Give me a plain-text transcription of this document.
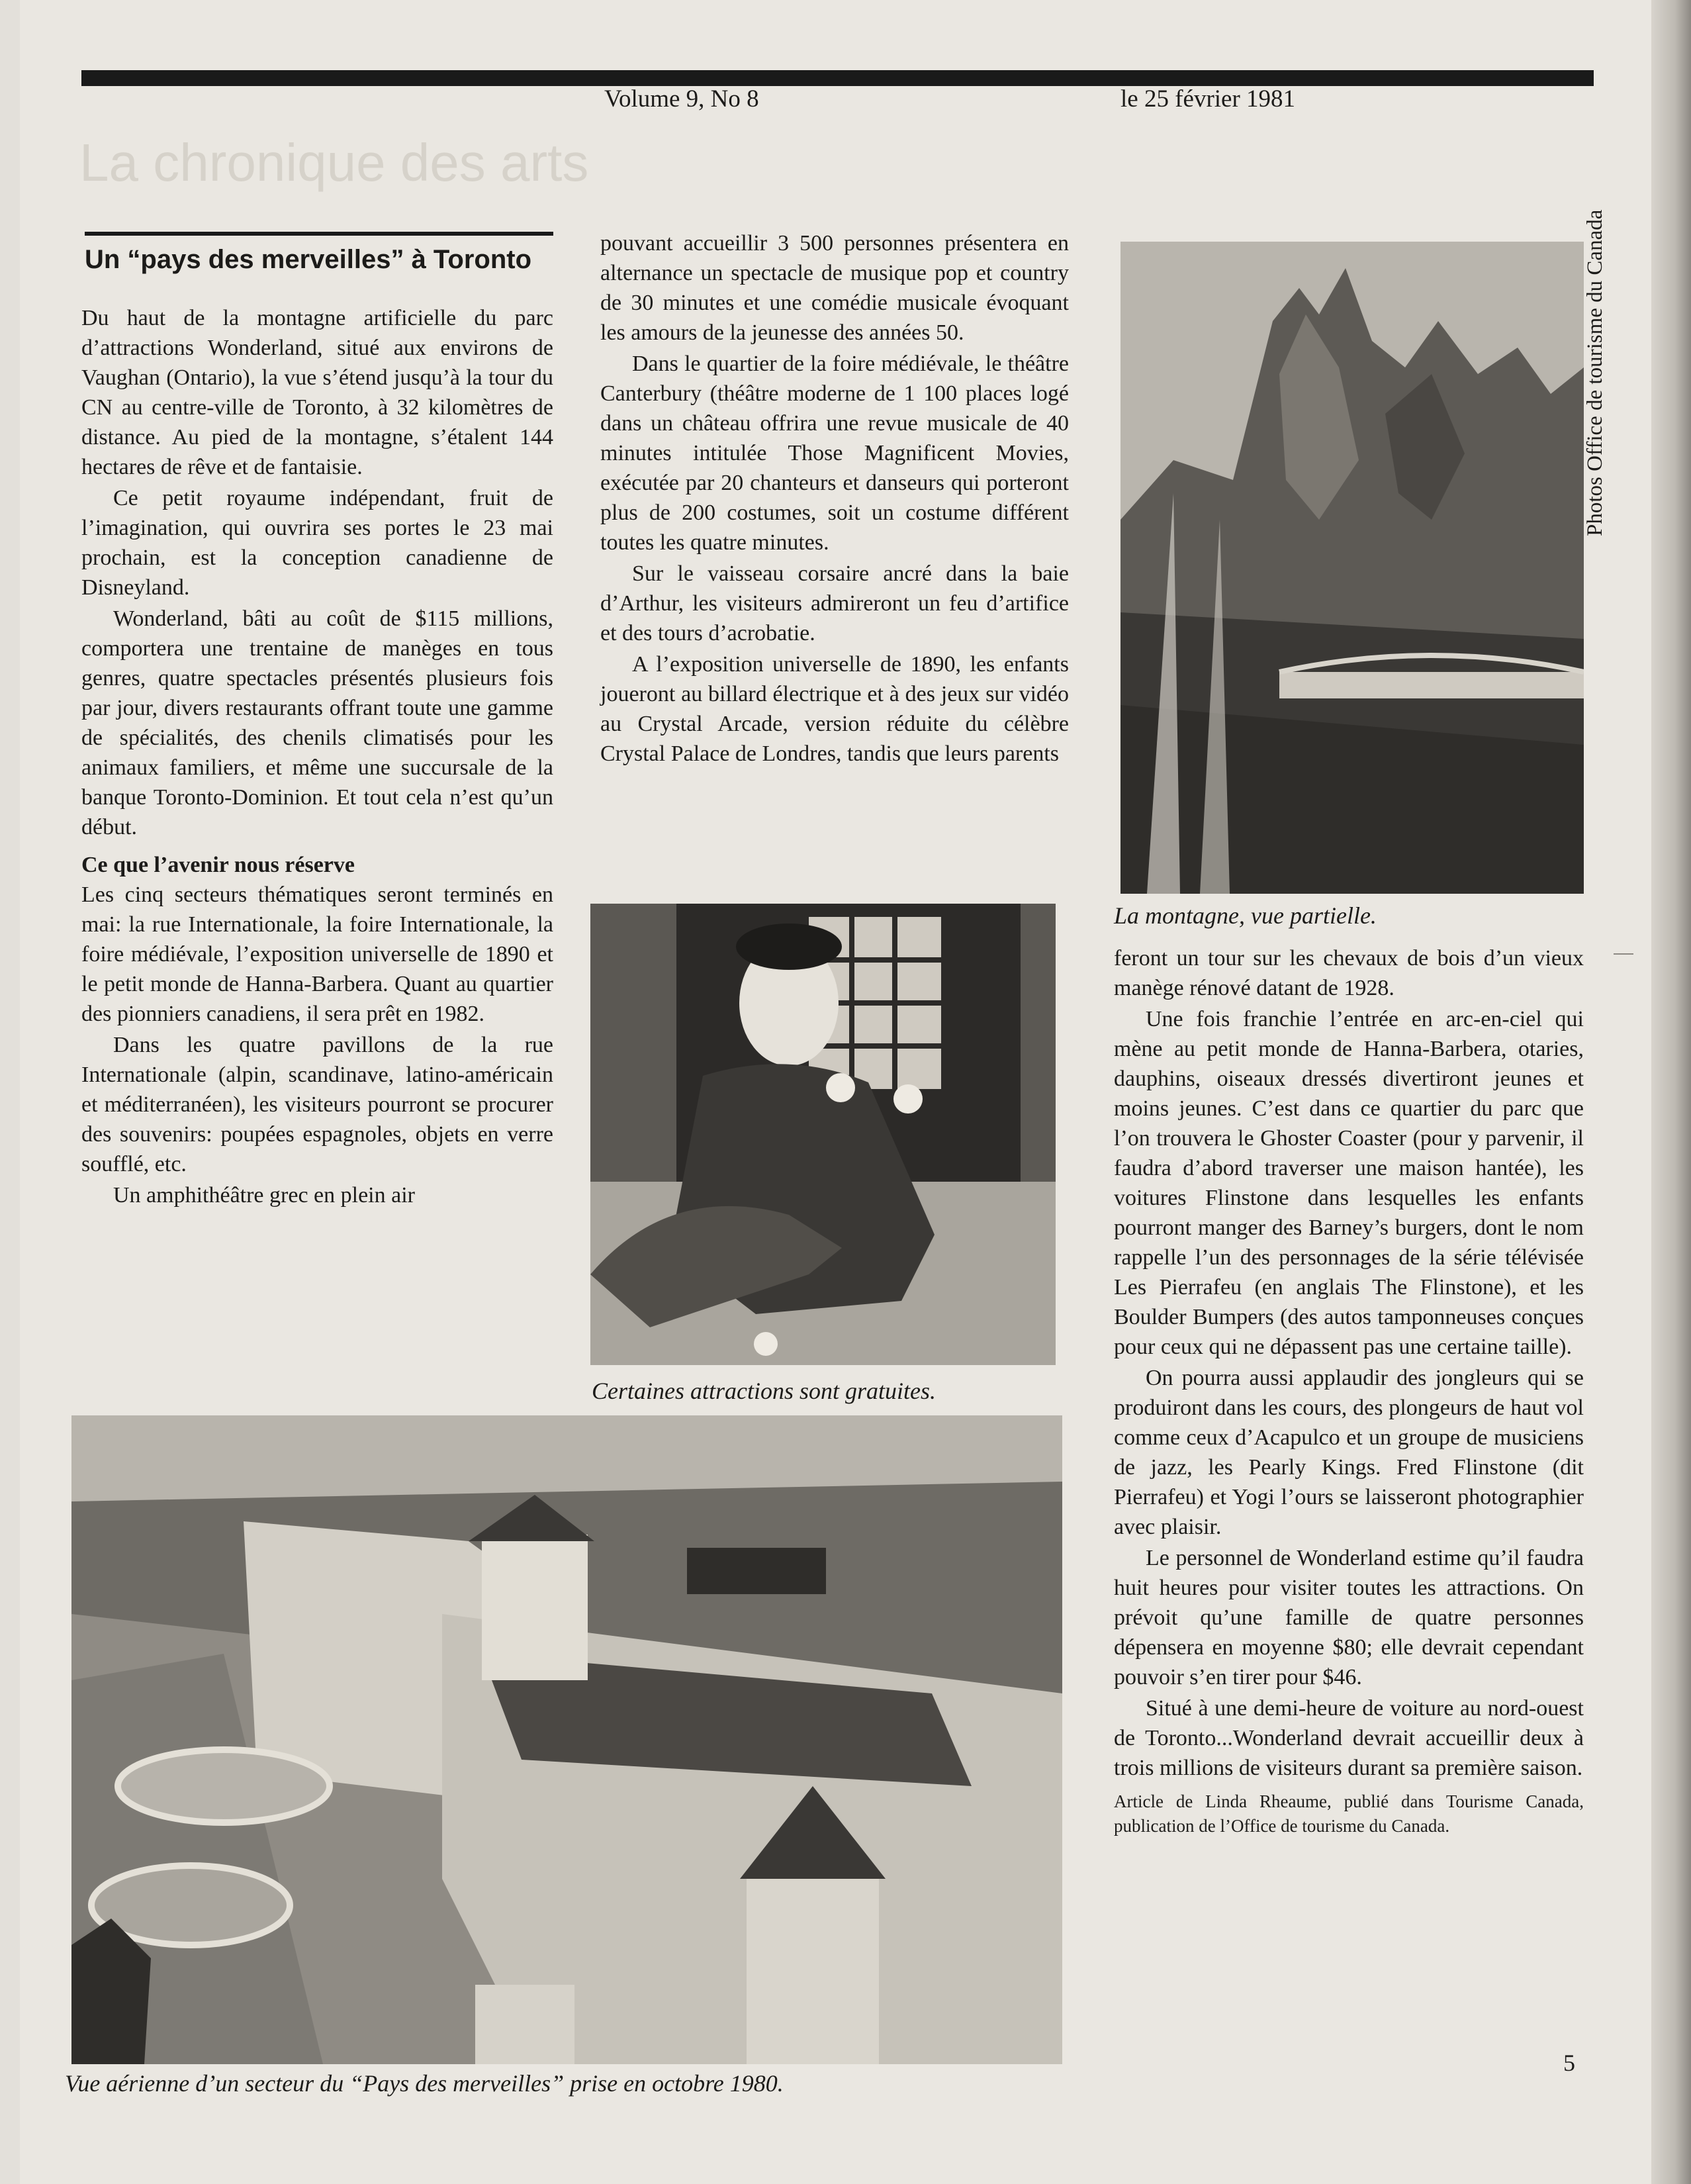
Volume 9, No 8	le 25 février 1981
La chronique des arts
Un “pays des merveilles” à Toronto

Du haut de la montagne artificielle du parc d’attractions Wonderland, situé aux environs de Vaughan (Ontario), la vue s’étend jusqu’à la tour du CN au centre-ville de Toronto, à 32 kilomètres de distance. Au pied de la montagne, s’étalent 144 hectares de rêve et de fantaisie.

Ce petit royaume indépendant, fruit de l’imagination, qui ouvrira ses portes le 23 mai prochain, est la conception canadienne de Disneyland.

Wonderland, bâti au coût de $115 millions, comportera une trentaine de manèges en tous genres, quatre spectacles présentés plusieurs fois par jour, divers restaurants offrant toute une gamme de spécialités, des chenils climatisés pour les animaux familiers, et même une succursale de la banque Toronto-Dominion. Et tout cela n’est qu’un début.

Ce que l’avenir nous réserve

Les cinq secteurs thématiques seront terminés en mai: la rue Internationale, la foire Internationale, la foire médiévale, l’exposition universelle de 1890 et le petit monde de Hanna-Barbera. Quant au quartier des pionniers canadiens, il sera prêt en 1982.

Dans les quatre pavillons de la rue Internationale (alpin, scandinave, latino-américain et méditerranéen), les visiteurs pourront se procurer des souvenirs: poupées espagnoles, objets en verre soufflé, etc.

Un amphithéâtre grec en plein air

pouvant accueillir 3 500 personnes présentera en alternance un spectacle de musique pop et country de 30 minutes et une comédie musicale évoquant les amours de la jeunesse des années 50.

Dans le quartier de la foire médiévale, le théâtre Canterbury (théâtre moderne de 1 100 places logé dans un château offrira une revue musicale de 40 minutes intitulée Those Magnificent Movies, exécutée par 20 chanteurs et danseurs qui porteront plus de 200 costumes, soit un costume différent toutes les quatre minutes.

Sur le vaisseau corsaire ancré dans la baie d’Arthur, les visiteurs admireront un feu d’artifice et des tours d’acrobatie.

A l’exposition universelle de 1890, les enfants joueront au billard électrique et à des jeux sur vidéo au Crystal Arcade, version réduite du célèbre Crystal Palace de Londres, tandis que leurs parents

La montagne, vue partielle.
Photos Office de tourisme du Canada
Certaines attractions sont gratuites.

feront un tour sur les chevaux de bois d’un vieux manège rénové datant de 1928.

Une fois franchie l’entrée en arc-en-ciel qui mène au petit monde de Hanna-Barbera, otaries, dauphins, oiseaux dressés divertiront jeunes et moins jeunes. C’est dans ce quartier du parc que l’on trouvera le Ghoster Coaster (pour y parvenir, il faudra d’abord traverser une maison hantée), les voitures Flinstone dans lesquelles les enfants pourront manger des Barney’s burgers, dont le nom rappelle l’un des personnages de la série télévisée Les Pierrafeu (en anglais The Flinstone), et les Boulder Bumpers (des autos tamponneuses conçues pour ceux qui ne dépassent pas une certaine taille).

On pourra aussi applaudir des jongleurs qui se produiront dans les cours, des plongeurs de haut vol comme ceux d’Acapulco et un groupe de musiciens de jazz, les Pearly Kings. Fred Flinstone (dit Pierrafeu) et Yogi l’ours se laisseront photographier avec plaisir.

Le personnel de Wonderland estime qu’il faudra huit heures pour visiter toutes les attractions. On prévoit qu’une famille de quatre personnes dépensera en moyenne $80; elle devrait cependant pouvoir s’en tirer pour $46.

Situé à une demi-heure de voiture au nord-ouest de Toronto...Wonderland devrait accueillir deux à trois millions de visiteurs durant sa première saison.

Article de Linda Rheaume, publié dans Tourisme Canada, publication de l’Office de tourisme du Canada.
Vue aérienne d’un secteur du “Pays des merveilles” prise en octobre 1980.
5
